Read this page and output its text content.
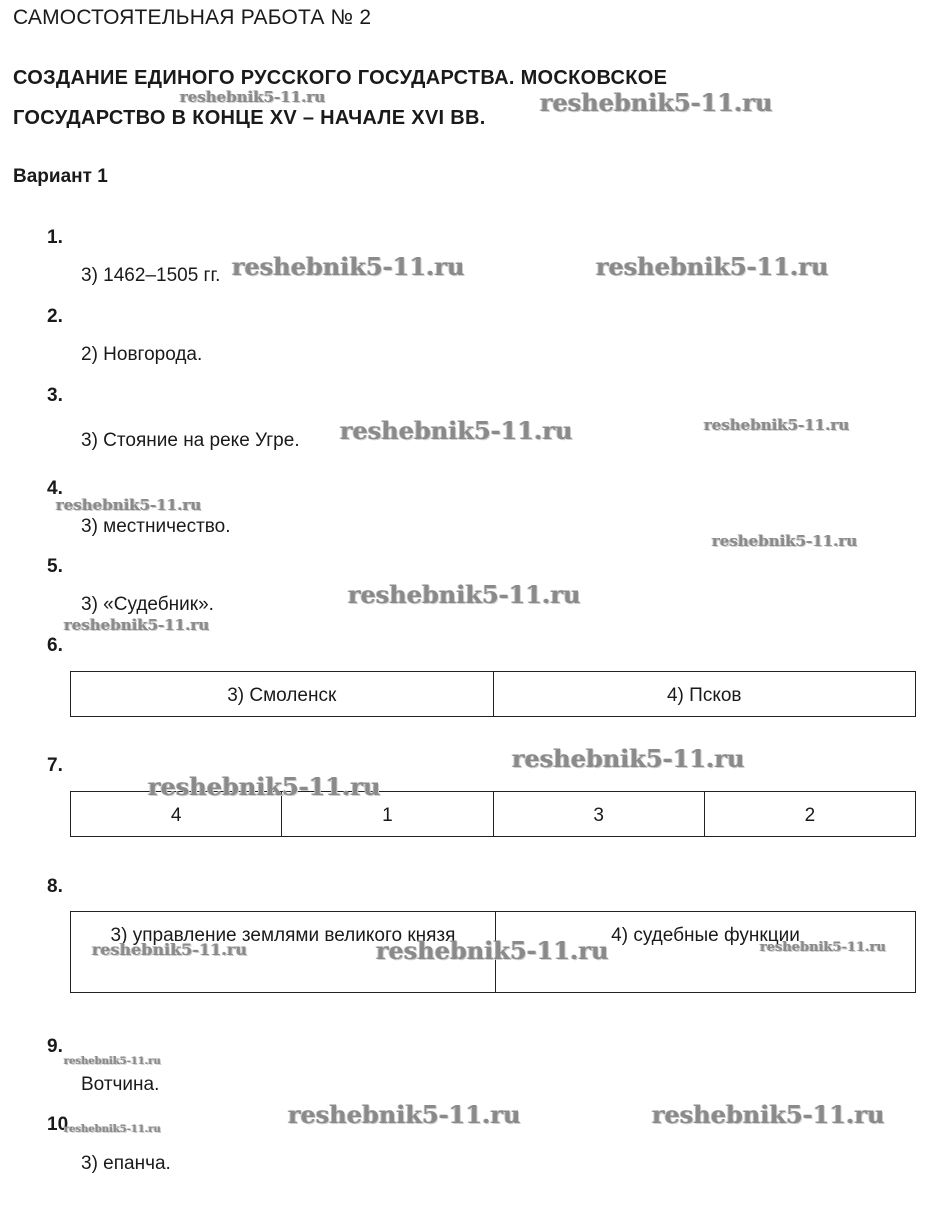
САМОСТОЯТЕЛЬНАЯ РАБОТА № 2
СОЗДАНИЕ ЕДИНОГО РУССКОГО ГОСУДАРСТВА. МОСКОВСКОЕ
ГОСУДАРСТВО В КОНЦЕ XV – НАЧАЛЕ XVI ВВ.
Вариант 1
1.
3) 1462–1505 гг.
2.
2) Новгорода.
3.
3) Стояние на реке Угре.
4.
3) местничество.
5.
3) «Судебник».
6.
3) Смоленск	4) Псков
7.
4	1	3	2
8.
3) управление землями великого князя	4) судебные функции
9.
Вотчина.
10.
3) епанча.
reshebnik5-11.ru	reshebnik5-11.ru
reshebnik5-11.ru	reshebnik5-11.ru
reshebnik5-11.ru	reshebnik5-11.ru
reshebnik5-11.ru
reshebnik5-11.ru
reshebnik5-11.ru
reshebnik5-11.ru
reshebnik5-11.ru
reshebnik5-11.ru
reshebnik5-11.ru	reshebnik5-11.ru	reshebnik5-11.ru
reshebnik5-11.ru
reshebnik5-11.ru	reshebnik5-11.ru
reshebnik5-11.ru
